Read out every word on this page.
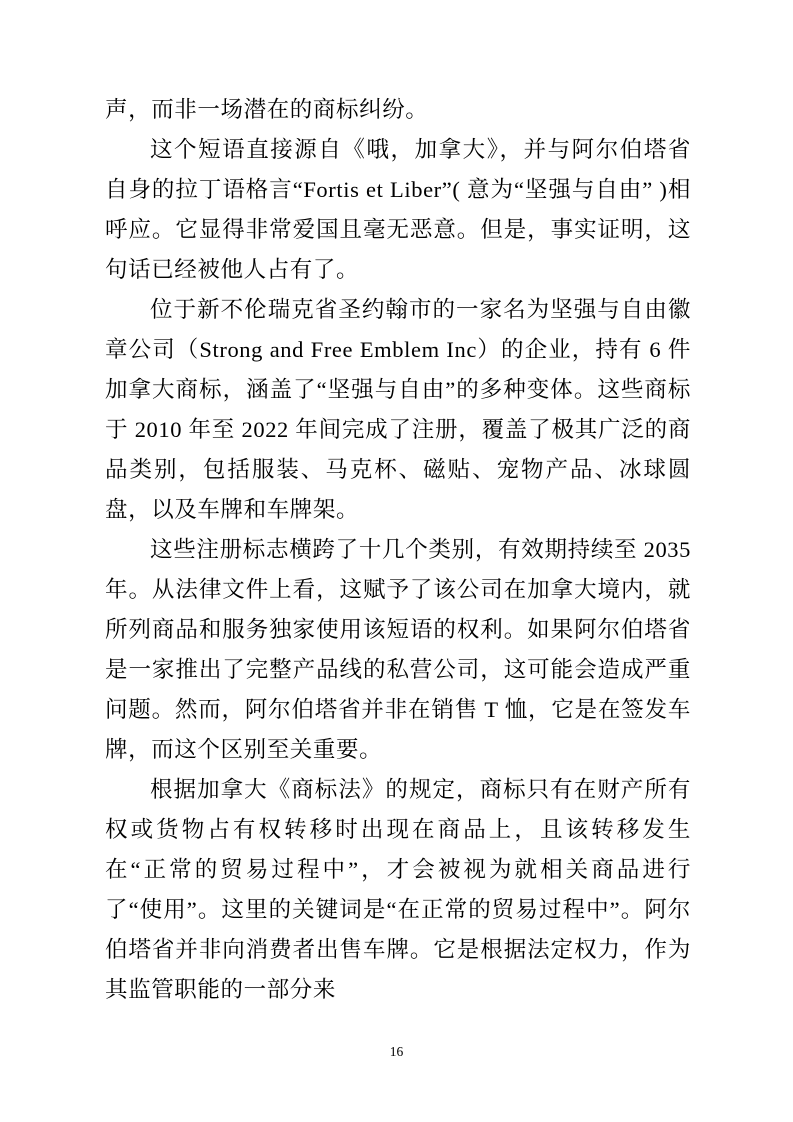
声，而非一场潜在的商标纠纷。

这个短语直接源自《哦，加拿大》，并与阿尔伯塔省自身的拉丁语格言“Fortis et Liber”( 意为“坚强与自由” )相呼应。它显得非常爱国且毫无恶意。但是，事实证明，这句话已经被他人占有了。

位于新不伦瑞克省圣约翰市的一家名为坚强与自由徽章公司（Strong and Free Emblem Inc）的企业，持有 6 件加拿大商标，涵盖了“坚强与自由”的多种变体。这些商标于 2010 年至 2022 年间完成了注册，覆盖了极其广泛的商品类别，包括服装、马克杯、磁贴、宠物产品、冰球圆盘，以及车牌和车牌架。

这些注册标志横跨了十几个类别，有效期持续至 2035 年。从法律文件上看，这赋予了该公司在加拿大境内，就所列商品和服务独家使用该短语的权利。如果阿尔伯塔省是一家推出了完整产品线的私营公司，这可能会造成严重问题。然而，阿尔伯塔省并非在销售 T 恤，它是在签发车牌，而这个区别至关重要。

根据加拿大《商标法》的规定，商标只有在财产所有权或货物占有权转移时出现在商品上，且该转移发生在“正常的贸易过程中”，才会被视为就相关商品进行了“使用”。这里的关键词是“在正常的贸易过程中”。阿尔伯塔省并非向消费者出售车牌。它是根据法定权力，作为其监管职能的一部分来

16
